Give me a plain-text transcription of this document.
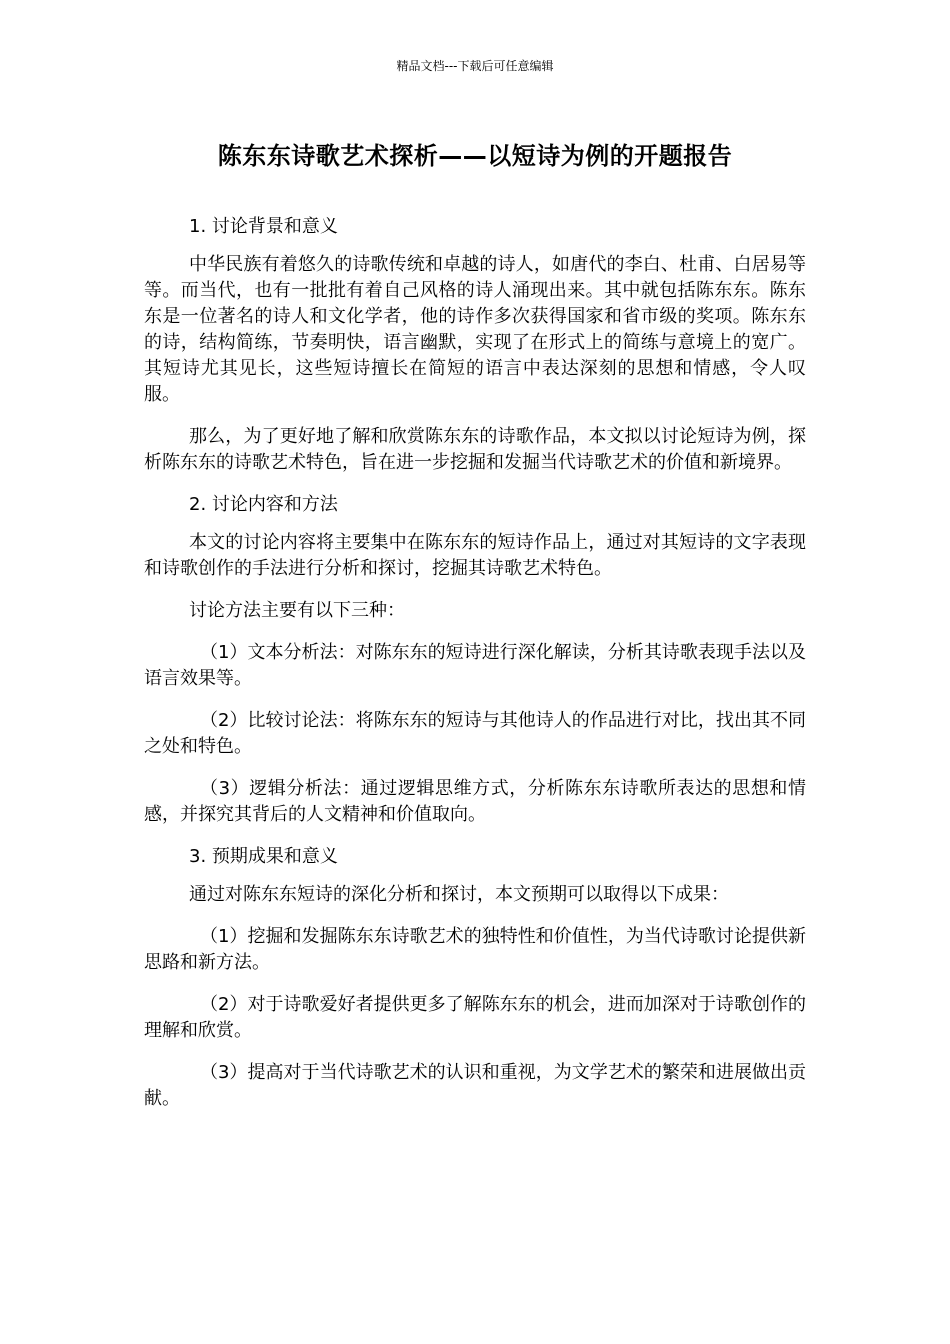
精品文档---下载后可任意编辑
陈东东诗歌艺术探析——以短诗为例的开题报告

1. 讨论背景和意义

中华民族有着悠久的诗歌传统和卓越的诗人，如唐代的李白、杜甫、白居易等等。而当代，也有一批批有着自己风格的诗人涌现出来。其中就包括陈东东。陈东东是一位著名的诗人和文化学者，他的诗作多次获得国家和省市级的奖项。陈东东的诗，结构简练，节奏明快，语言幽默，实现了在形式上的简练与意境上的宽广。其短诗尤其见长，这些短诗擅长在简短的语言中表达深刻的思想和情感，令人叹服。

那么，为了更好地了解和欣赏陈东东的诗歌作品，本文拟以讨论短诗为例，探析陈东东的诗歌艺术特色，旨在进一步挖掘和发掘当代诗歌艺术的价值和新境界。

2. 讨论内容和方法

本文的讨论内容将主要集中在陈东东的短诗作品上，通过对其短诗的文字表现和诗歌创作的手法进行分析和探讨，挖掘其诗歌艺术特色。

讨论方法主要有以下三种：

（1）文本分析法：对陈东东的短诗进行深化解读，分析其诗歌表现手法以及语言效果等。

（2）比较讨论法：将陈东东的短诗与其他诗人的作品进行对比，找出其不同之处和特色。

（3）逻辑分析法：通过逻辑思维方式，分析陈东东诗歌所表达的思想和情感，并探究其背后的人文精神和价值取向。

3. 预期成果和意义

通过对陈东东短诗的深化分析和探讨，本文预期可以取得以下成果：

（1）挖掘和发掘陈东东诗歌艺术的独特性和价值性，为当代诗歌讨论提供新思路和新方法。

（2）对于诗歌爱好者提供更多了解陈东东的机会，进而加深对于诗歌创作的理解和欣赏。

（3）提高对于当代诗歌艺术的认识和重视，为文学艺术的繁荣和进展做出贡献。
